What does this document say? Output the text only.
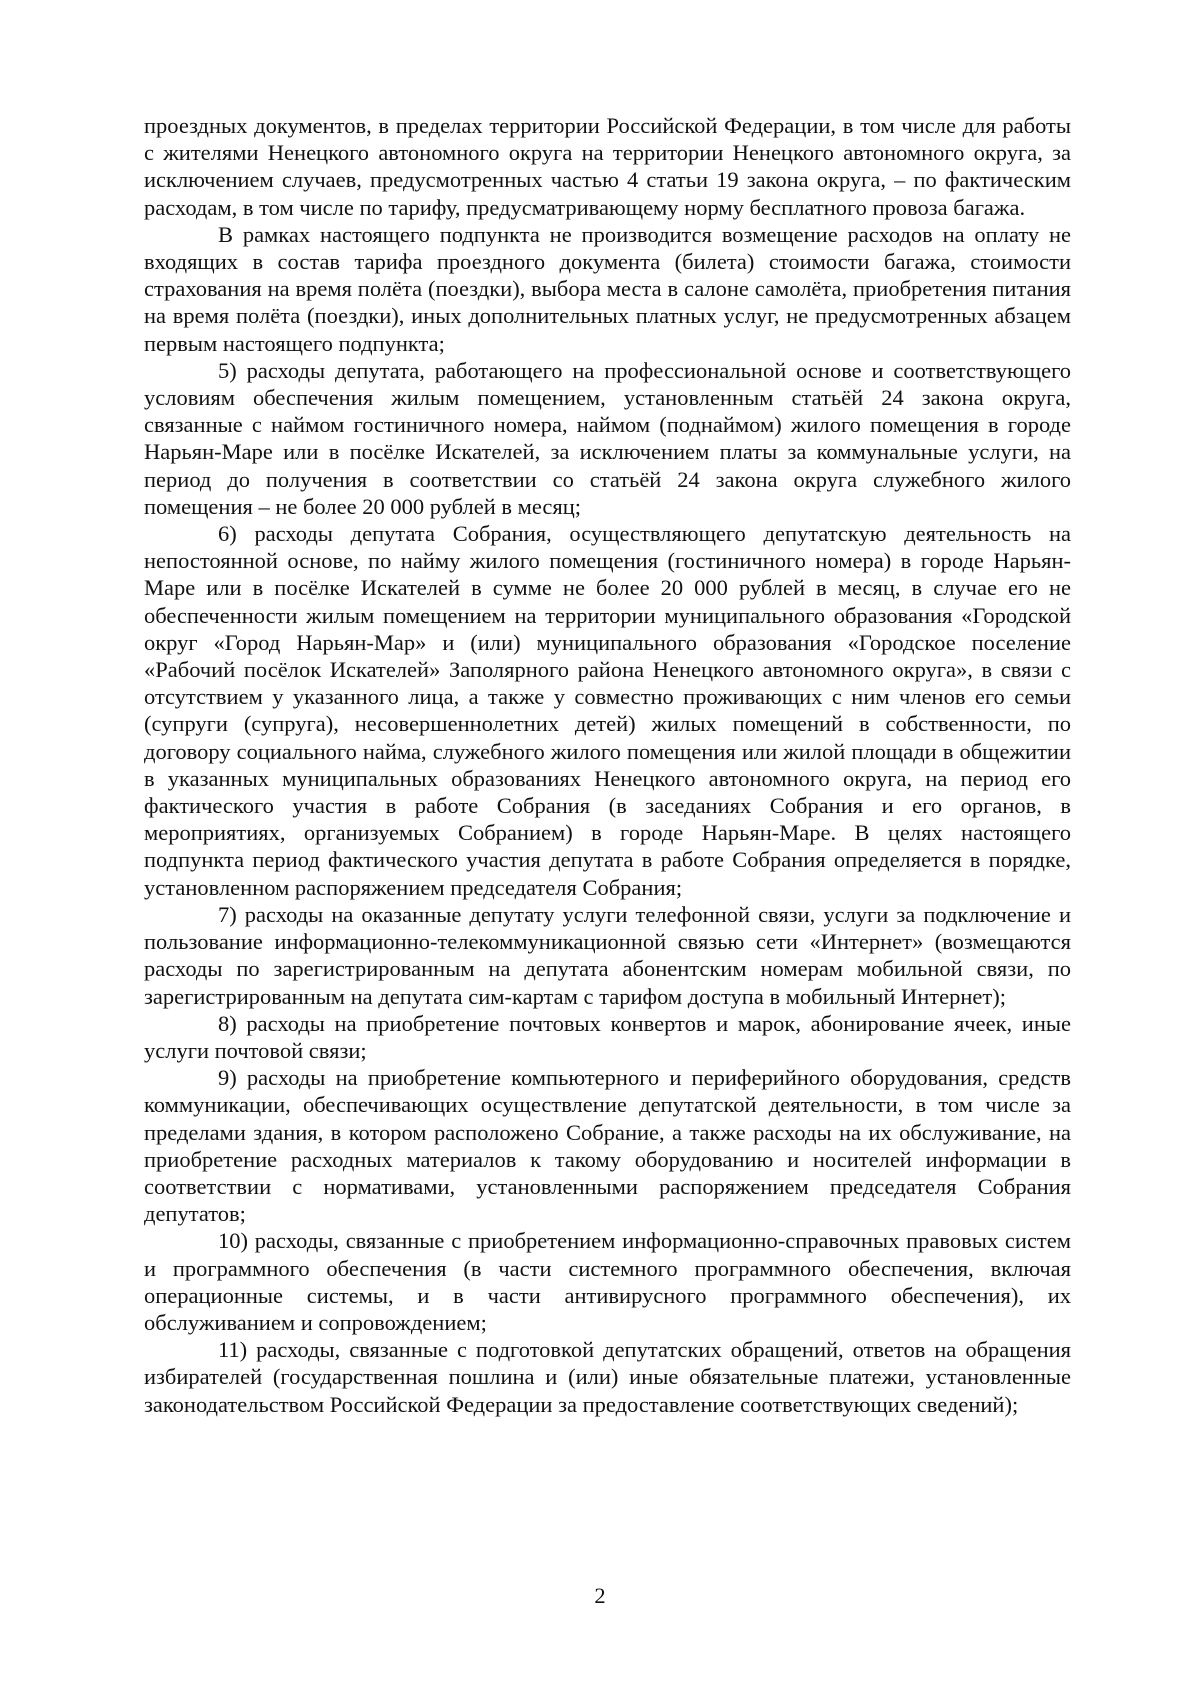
проездных документов, в пределах территории Российской Федерации, в том числе для работы с жителями Ненецкого автономного округа на территории Ненецкого автономного округа, за исключением случаев, предусмотренных частью 4 статьи 19 закона округа, – по фактическим расходам, в том числе по тарифу, предусматривающему норму бесплатного провоза багажа.

В рамках настоящего подпункта не производится возмещение расходов на оплату не входящих в состав тарифа проездного документа (билета) стоимости багажа, стоимости страхования на время полёта (поездки), выбора места в салоне самолёта, приобретения питания на время полёта (поездки), иных дополнительных платных услуг, не предусмотренных абзацем первым настоящего подпункта;

5) расходы депутата, работающего на профессиональной основе и соответствующего условиям обеспечения жилым помещением, установленным статьёй 24 закона округа, связанные с наймом гостиничного номера, наймом (поднаймом) жилого помещения в городе Нарьян-Маре или в посёлке Искателей, за исключением платы за коммунальные услуги, на период до получения в соответствии со статьёй 24 закона округа служебного жилого помещения – не более 20 000 рублей в месяц;

6) расходы депутата Собрания, осуществляющего депутатскую деятельность на непостоянной основе, по найму жилого помещения (гостиничного номера) в городе Нарьян-Маре или в посёлке Искателей в сумме не более 20 000 рублей в месяц, в случае его не обеспеченности жилым помещением на территории муниципального образования «Городской округ «Город Нарьян-Мар» и (или) муниципального образования «Городское поселение «Рабочий посёлок Искателей» Заполярного района Ненецкого автономного округа», в связи с отсутствием у указанного лица, а также у совместно проживающих с ним членов его семьи (супруги (супруга), несовершеннолетних детей) жилых помещений в собственности, по договору социального найма, служебного жилого помещения или жилой площади в общежитии в указанных муниципальных образованиях Ненецкого автономного округа, на период его фактического участия в работе Собрания (в заседаниях Собрания и его органов, в мероприятиях, организуемых Собранием) в городе Нарьян-Маре. В целях настоящего подпункта период фактического участия депутата в работе Собрания определяется в порядке, установленном распоряжением председателя Собрания;

7) расходы на оказанные депутату услуги телефонной связи, услуги за подключение и пользование информационно-телекоммуникационной связью сети «Интернет» (возмещаются расходы по зарегистрированным на депутата абонентским номерам мобильной связи, по зарегистрированным на депутата сим-картам с тарифом доступа в мобильный Интернет);

8) расходы на приобретение почтовых конвертов и марок, абонирование ячеек, иные услуги почтовой связи;

9) расходы на приобретение компьютерного и периферийного оборудования, средств коммуникации, обеспечивающих осуществление депутатской деятельности, в том числе за пределами здания, в котором расположено Собрание, а также расходы на их обслуживание, на приобретение расходных материалов к такому оборудованию и носителей информации в соответствии с нормативами, установленными распоряжением председателя Собрания депутатов;

10) расходы, связанные с приобретением информационно-справочных правовых систем и программного обеспечения (в части системного программного обеспечения, включая операционные системы, и в части антивирусного программного обеспечения), их обслуживанием и сопровождением;

11) расходы, связанные с подготовкой депутатских обращений, ответов на обращения избирателей (государственная пошлина и (или) иные обязательные платежи, установленные законодательством Российской Федерации за предоставление соответствующих сведений);

2
